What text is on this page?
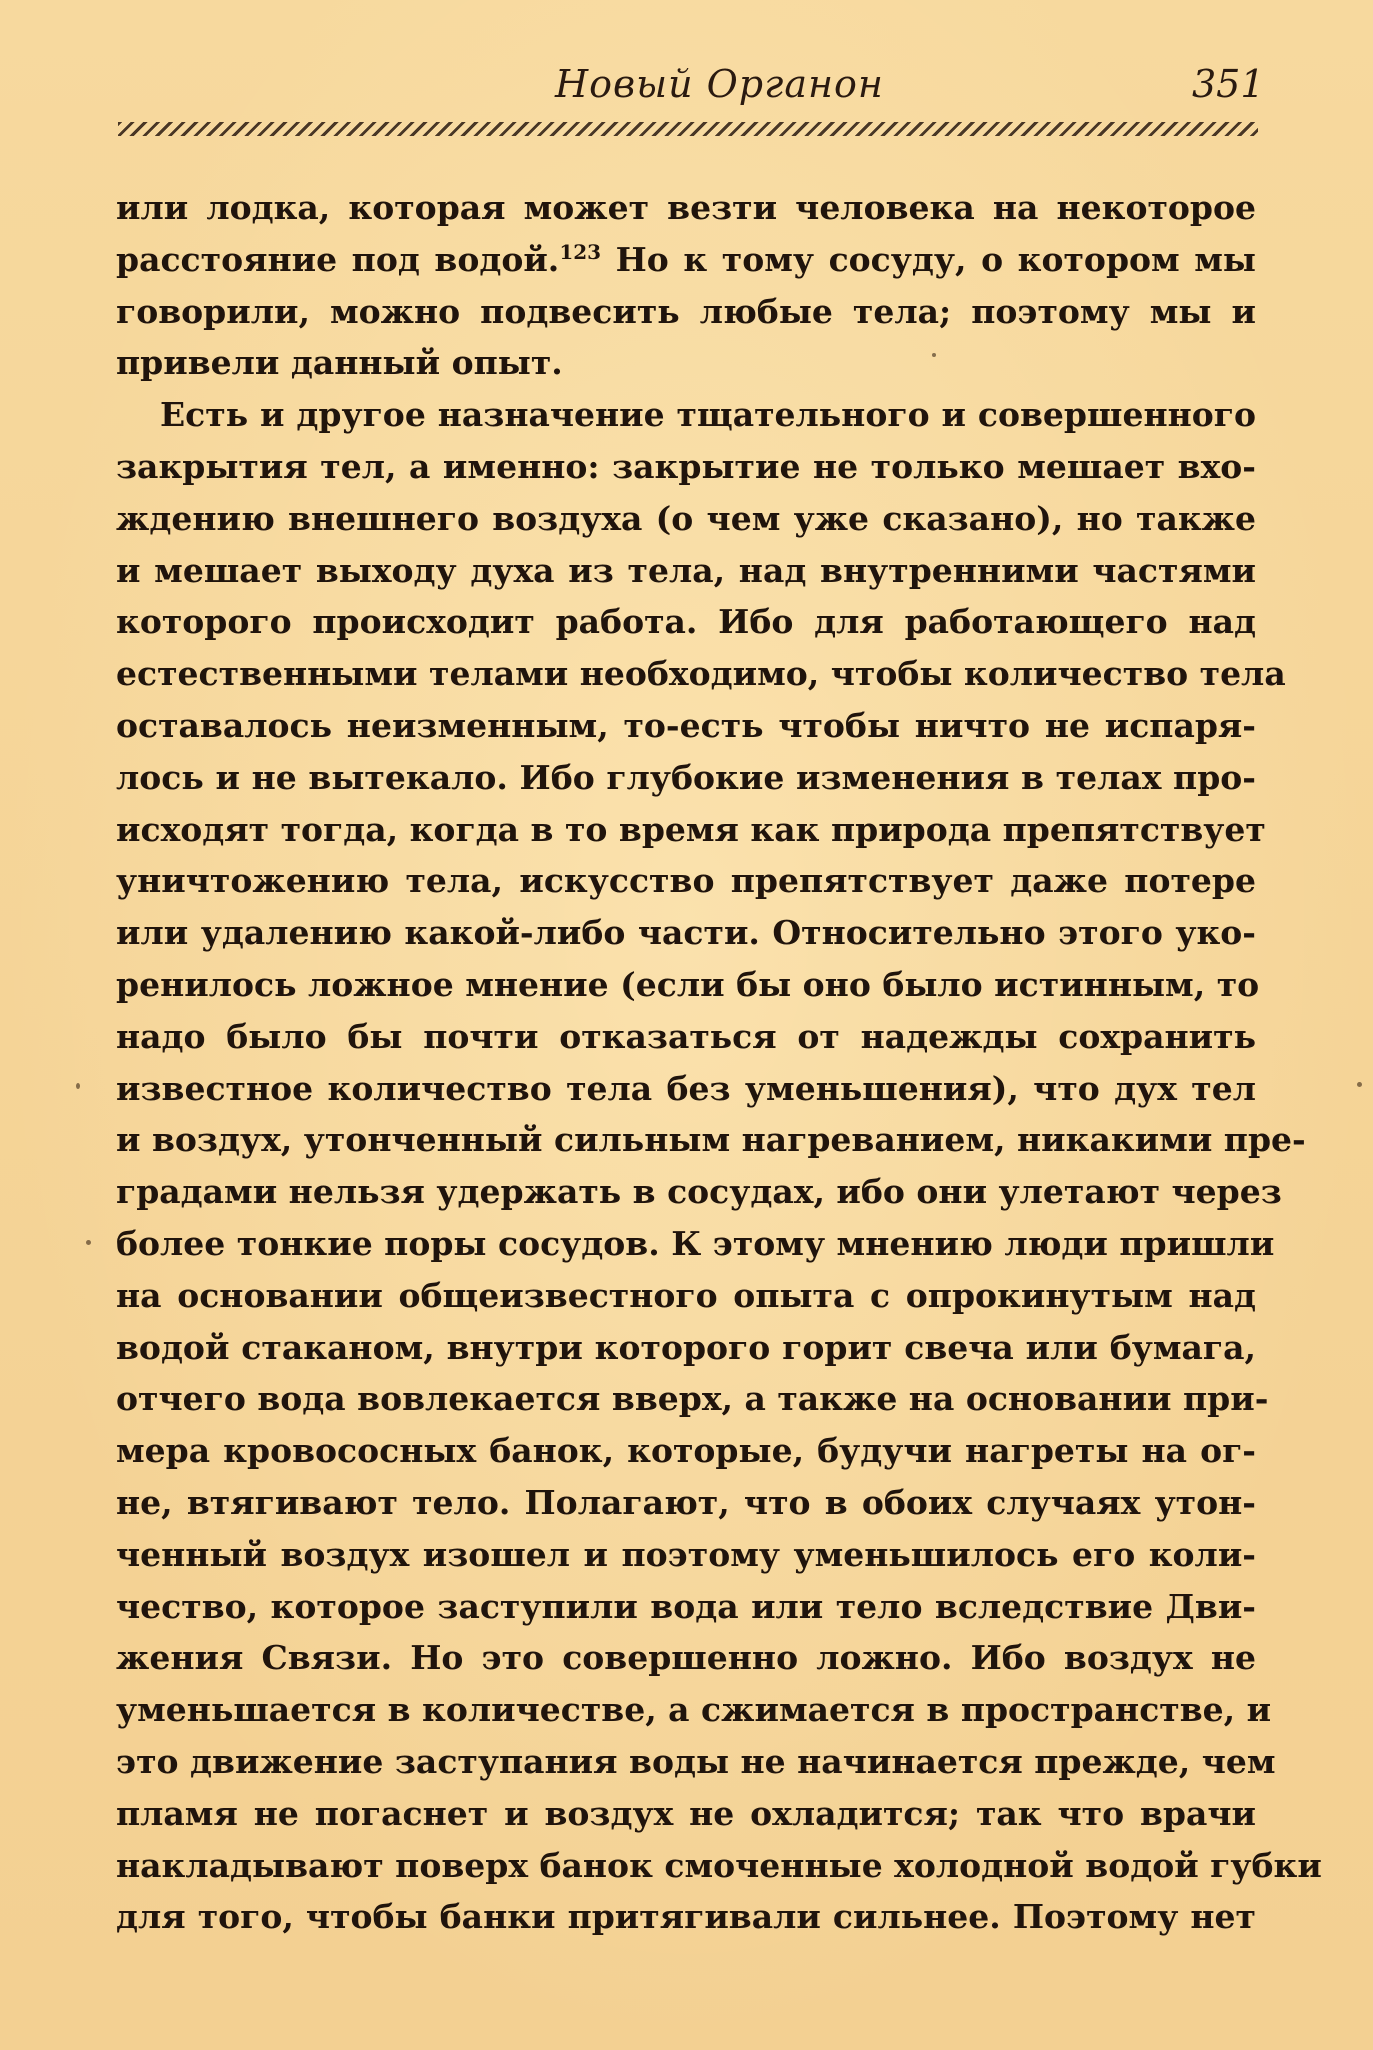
Новый Органон	351
или лодка, которая может везти человека на некоторое
расстояние под водой.$^{123}$ Но к тому сосуду, о котором мы
говорили, можно подвесить любые тела; поэтому мы и
привели данный опыт.
Есть и другое назначение тщательного и совершенного
закрытия тел, а именно: закрытие не только мешает вхо-
ждению внешнего воздуха (о чем уже сказано), но также
и мешает выходу духа из тела, над внутренними частями
которого происходит работа. Ибо для работающего над
естественными телами необходимо, чтобы количество тела
оставалось неизменным, то-есть чтобы ничто не испаря-
лось и не вытекало. Ибо глубокие изменения в телах про-
исходят тогда, когда в то время как природа препятствует
уничтожению тела, искусство препятствует даже потере
или удалению какой-либо части. Относительно этого уко-
ренилось ложное мнение (если бы оно было истинным, то
надо было бы почти отказаться от надежды сохранить
известное количество тела без уменьшения), что дух тел
и воздух, утонченный сильным нагреванием, никакими пре-
градами нельзя удержать в сосудах, ибо они улетают через
более тонкие поры сосудов. К этому мнению люди пришли
на основании общеизвестного опыта с опрокинутым над
водой стаканом, внутри которого горит свеча или бумага,
отчего вода вовлекается вверх, а также на основании при-
мера кровососных банок, которые, будучи нагреты на ог-
не, втягивают тело. Полагают, что в обоих случаях утон-
ченный воздух изошел и поэтому уменьшилось его коли-
чество, которое заступили вода или тело вследствие Дви-
жения Связи. Но это совершенно ложно. Ибо воздух не
уменьшается в количестве, а сжимается в пространстве, и
это движение заступания воды не начинается прежде, чем
пламя не погаснет и воздух не охладится; так что врачи
накладывают поверх банок смоченные холодной водой губки
для того, чтобы банки притягивали сильнее. Поэтому нет
